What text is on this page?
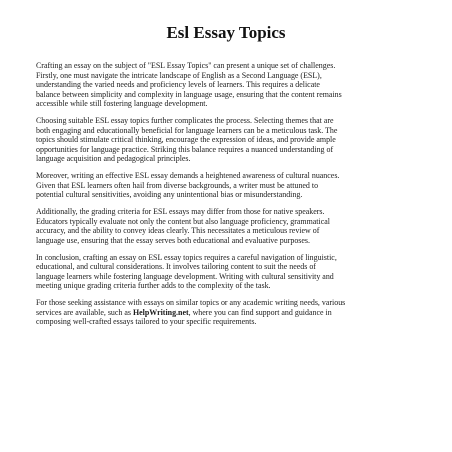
Esl Essay Topics

Crafting an essay on the subject of "ESL Essay Topics" can present a unique set of challenges.
Firstly, one must navigate the intricate landscape of English as a Second Language (ESL),
understanding the varied needs and proficiency levels of learners. This requires a delicate
balance between simplicity and complexity in language usage, ensuring that the content remains
accessible while still fostering language development.

Choosing suitable ESL essay topics further complicates the process. Selecting themes that are
both engaging and educationally beneficial for language learners can be a meticulous task. The
topics should stimulate critical thinking, encourage the expression of ideas, and provide ample
opportunities for language practice. Striking this balance requires a nuanced understanding of
language acquisition and pedagogical principles.

Moreover, writing an effective ESL essay demands a heightened awareness of cultural nuances.
Given that ESL learners often hail from diverse backgrounds, a writer must be attuned to
potential cultural sensitivities, avoiding any unintentional bias or misunderstanding.

Additionally, the grading criteria for ESL essays may differ from those for native speakers.
Educators typically evaluate not only the content but also language proficiency, grammatical
accuracy, and the ability to convey ideas clearly. This necessitates a meticulous review of
language use, ensuring that the essay serves both educational and evaluative purposes.

In conclusion, crafting an essay on ESL essay topics requires a careful navigation of linguistic,
educational, and cultural considerations. It involves tailoring content to suit the needs of
language learners while fostering language development. Writing with cultural sensitivity and
meeting unique grading criteria further adds to the complexity of the task.

For those seeking assistance with essays on similar topics or any academic writing needs, various
services are available, such as HelpWriting.net, where you can find support and guidance in
composing well-crafted essays tailored to your specific requirements.
